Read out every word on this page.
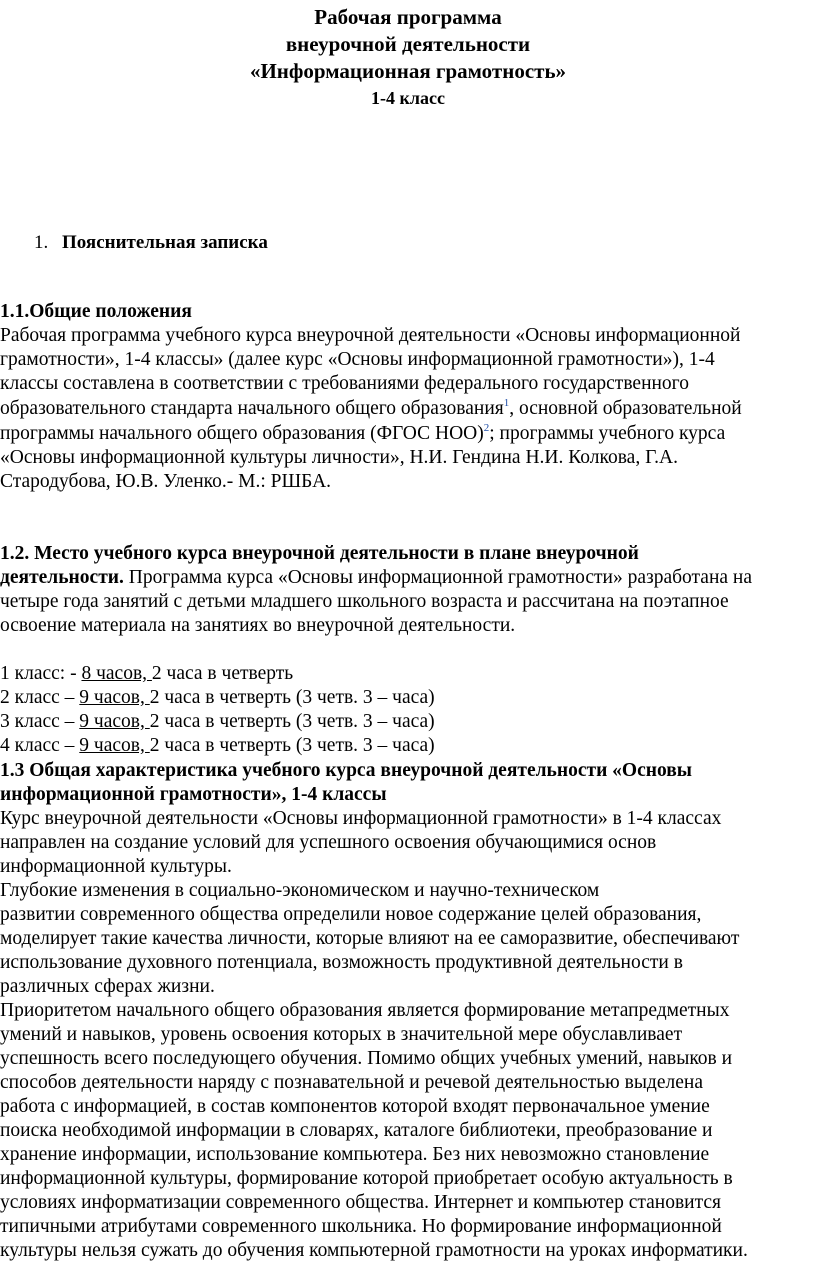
Рабочая программа
внеурочной деятельности
«Информационная грамотность»
1-4 класс
1. Пояснительная записка
1.1.Общие положения
Рабочая программа учебного курса внеурочной деятельности «Основы информационной
грамотности», 1-4 классы» (далее курс «Основы информационной грамотности»), 1-4
классы составлена в соответствии с требованиями федерального государственного
образовательного стандарта начального общего образования$^1$, основной образовательной
программы начального общего образования (ФГОС НОО)$^2$; программы учебного курса
«Основы информационной культуры личности», Н.И. Гендина Н.И. Колкова, Г.А.
Стародубова, Ю.В. Уленко.- М.: РШБА.
1.2. Место учебного курса внеурочной деятельности в плане внеурочной
деятельности. Программа курса «Основы информационной грамотности» разработана на
четыре года занятий с детьми младшего школьного возраста и рассчитана на поэтапное
освоение материала на занятиях во внеурочной деятельности.
1 класс: - 8 часов, 2 часа в четверть
2 класс – 9 часов, 2 часа в четверть (3 четв. 3 – часа)
3 класс – 9 часов, 2 часа в четверть (3 четв. 3 – часа)
4 класс – 9 часов, 2 часа в четверть (3 четв. 3 – часа)
1.3 Общая характеристика учебного курса внеурочной деятельности «Основы
информационной грамотности», 1-4 классы
Курс внеурочной деятельности «Основы информационной грамотности» в 1-4 классах
направлен на создание условий для успешного освоения обучающимися основ
информационной культуры.
Глубокие изменения в социально-экономическом и научно-техническом
развитии современного общества определили новое содержание целей образования,
моделирует такие качества личности, которые влияют на ее саморазвитие, обеспечивают
использование духовного потенциала, возможность продуктивной деятельности в
различных сферах жизни.
Приоритетом начального общего образования является формирование метапредметных
умений и навыков, уровень освоения которых в значительной мере обуславливает
успешность всего последующего обучения. Помимо общих учебных умений, навыков и
способов деятельности наряду с познавательной и речевой деятельностью выделена
работа с информацией, в состав компонентов которой входят первоначальное умение
поиска необходимой информации в словарях, каталоге библиотеки, преобразование и
хранение информации, использование компьютера. Без них невозможно становление
информационной культуры, формирование которой приобретает особую актуальность в
условиях информатизации современного общества. Интернет и компьютер становится
типичными атрибутами современного школьника. Но формирование информационной
культуры нельзя сужать до обучения компьютерной грамотности на уроках информатики.
